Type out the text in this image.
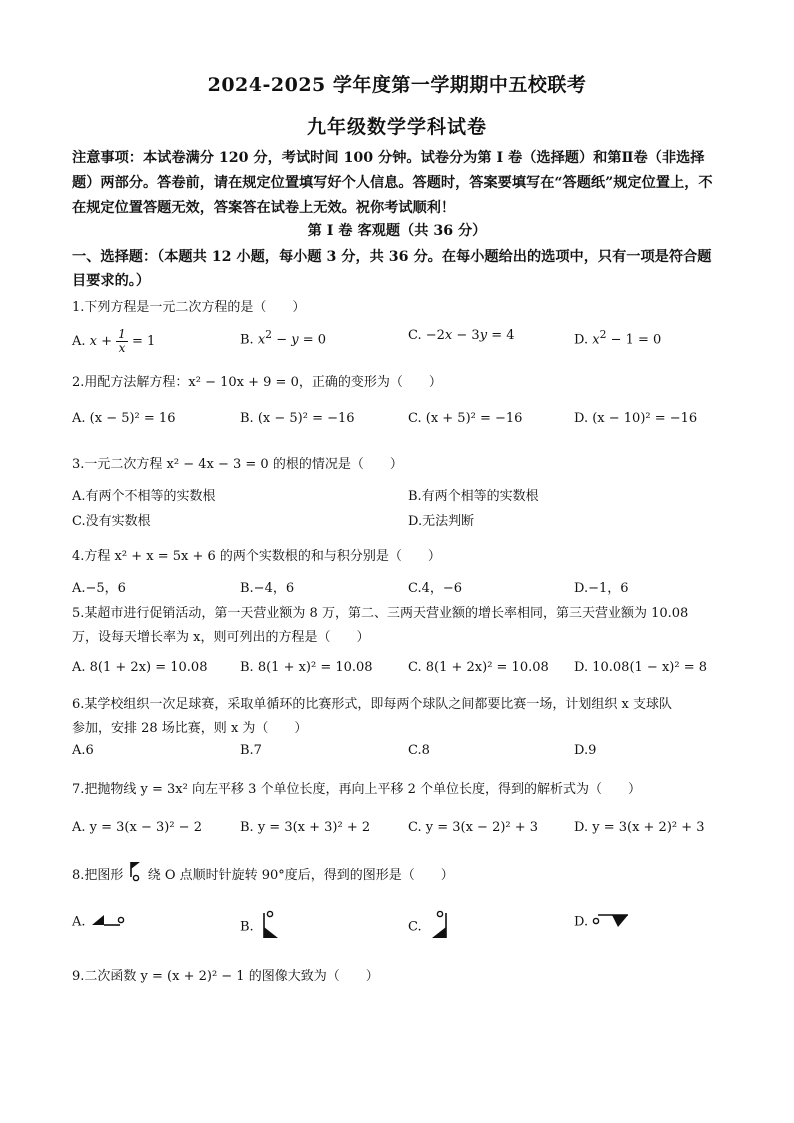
2024-2025 学年度第一学期期中五校联考
九年级数学学科试卷
注意事项：本试卷满分 120 分，考试时间 100 分钟。试卷分为第 I 卷（选择题）和第Ⅱ卷（非选择题）两部分。答卷前，请在规定位置填写好个人信息。答题时，答案要填写在“答题纸”规定位置上，不在规定位置答题无效，答案答在试卷上无效。祝你考试顺利！
第 I 卷 客观题（共 36 分）
一、选择题：（本题共 12 小题，每小题 3 分，共 36 分。在每小题给出的选项中，只有一项是符合题目要求的。）
1.下列方程是一元二次方程的是（　　）
A. $x + \frac{1}{x} = 1$	B. $x^2 - y = 0$	C. −2x − 3y = 4	D. $x^2 - 1 = 0$
2.用配方法解方程：x² − 10x + 9 = 0，正确的变形为（　　）
A. (x − 5)² = 16	B. (x − 5)² = −16	C. (x + 5)² = −16	D. (x − 10)² = −16
3.一元二次方程 x² − 4x − 3 = 0 的根的情况是（　　）
A.有两个不相等的实数根	B.有两个相等的实数根
C.没有实数根	D.无法判断
4.方程 x² + x = 5x + 6 的两个实数根的和与积分别是（　　）
A.−5，6	B.−4，6	C.4，−6	D.−1，6
5.某超市进行促销活动，第一天营业额为 8 万，第二、三两天营业额的增长率相同，第三天营业额为 10.08
万，设每天增长率为 x，则可列出的方程是（　　）
A. 8(1 + 2x) = 10.08	B. 8(1 + x)² = 10.08	C. 8(1 + 2x)² = 10.08 D. 10.08(1 − x)² = 8
6.某学校组织一次足球赛，采取单循环的比赛形式，即每两个球队之间都要比赛一场，计划组织 x 支球队
参加，安排 28 场比赛，则 x 为（　　）
A.6	B.7	C.8	D.9
7.把抛物线 y = 3x² 向左平移 3 个单位长度，再向上平移 2 个单位长度，得到的解析式为（　　）
A. y = 3(x − 3)² − 2	B. y = 3(x + 3)² + 2	C. y = 3(x − 2)² + 3	D. y = 3(x + 2)² + 3
8.把图形 绕 O 点顺时针旋转 90°度后，得到的图形是（　　）
A.	B.	C.	D.
9.二次函数 y = (x + 2)² − 1 的图像大致为（　　）
